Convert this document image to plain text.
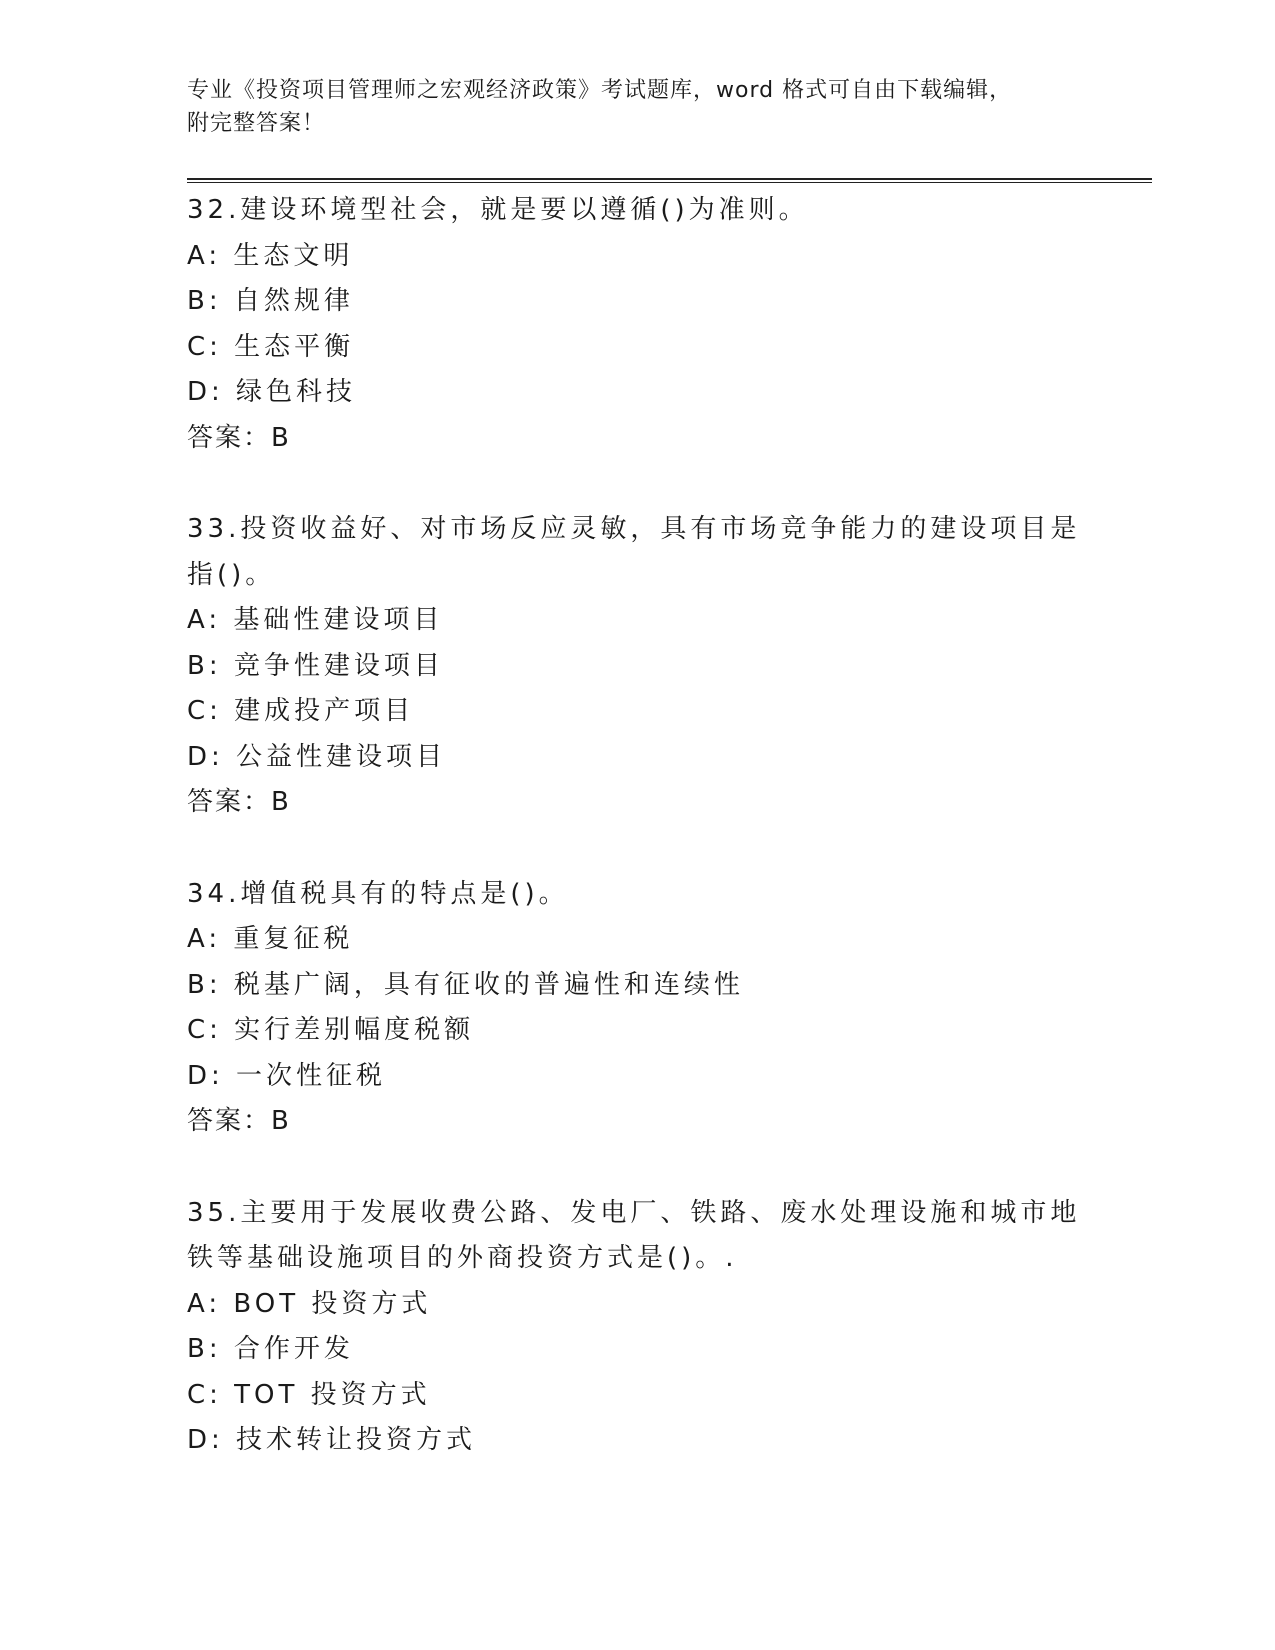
专业《投资项目管理师之宏观经济政策》考试题库，word 格式可自由下载编辑，
附完整答案！

32.建设环境型社会，就是要以遵循()为准则。

A: 生态文明

B: 自然规律

C: 生态平衡

D: 绿色科技

答案：B

33.投资收益好、对市场反应灵敏，具有市场竞争能力的建设项目是指()。

A: 基础性建设项目

B: 竞争性建设项目

C: 建成投产项目

D: 公益性建设项目

答案：B

34.增值税具有的特点是()。

A: 重复征税

B: 税基广阔，具有征收的普遍性和连续性

C: 实行差别幅度税额

D: 一次性征税

答案：B

35.主要用于发展收费公路、发电厂、铁路、废水处理设施和城市地铁等基础设施项目的外商投资方式是()。.

A: BOT 投资方式

B: 合作开发

C: TOT 投资方式

D: 技术转让投资方式
